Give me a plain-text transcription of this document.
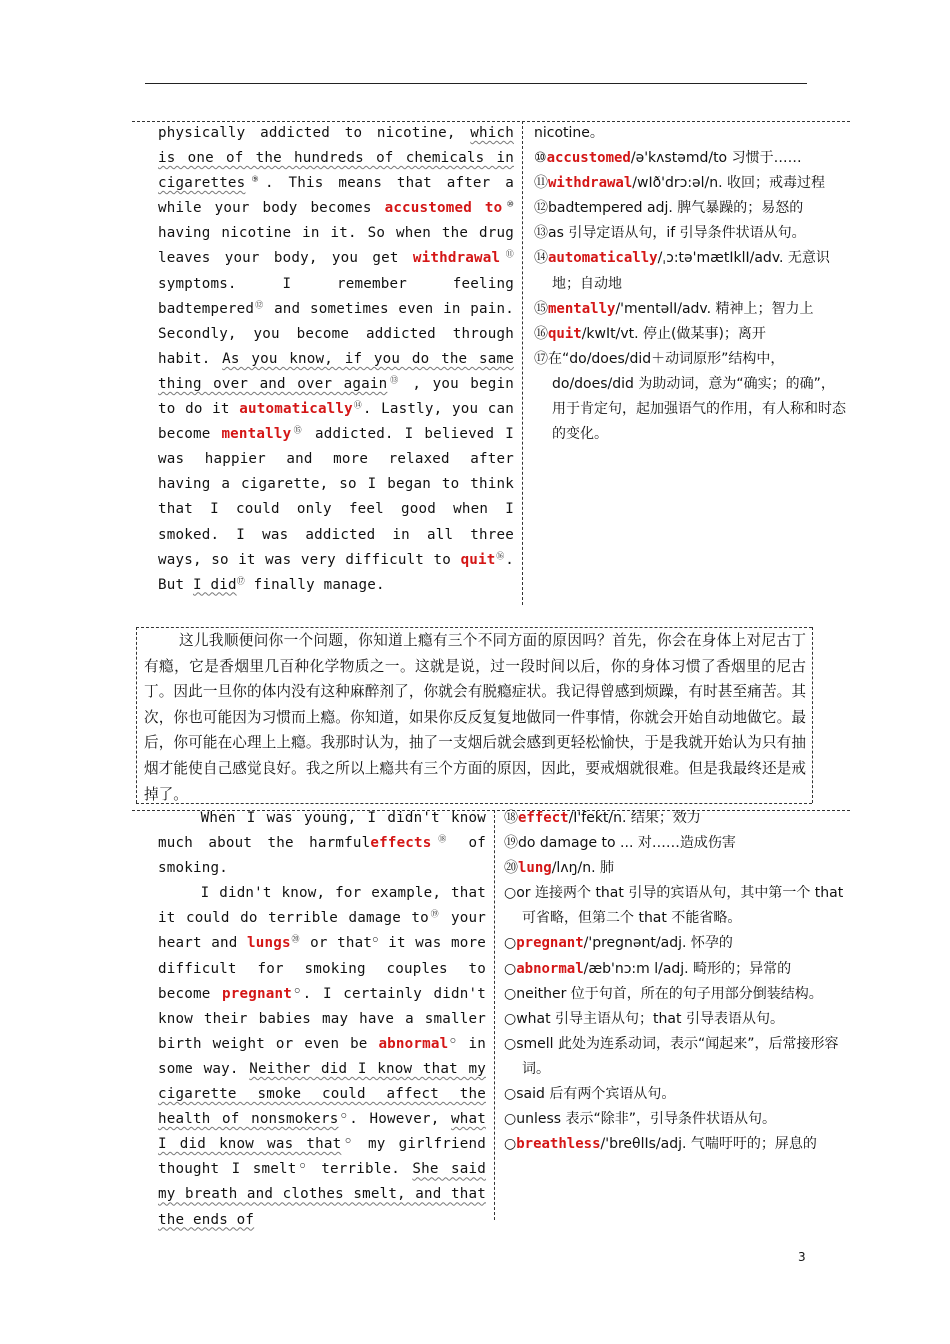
physically addicted to nicotine, which is one of the hundreds of chemicals in cigarettes⑨. This means that after a while your body becomes accustomed to⑩ having nicotine in it. So when the drug leaves your body, you get withdrawal⑪ symptoms. I remember feeling badtempered⑫ and sometimes even in pain. Secondly, you become addicted through habit. As you know, if you do the same thing over and over again⑬ , you begin to do it automatically⑭. Lastly, you can become mentally⑮ addicted. I believed I was happier and more relaxed after having a cigarette, so I began to think that I could only feel good when I smoked. I was addicted in all three ways, so it was very difficult to quit⑯. But I did⑰ finally manage.

nicotine。
⑩accustomed/ə'kʌstəmd/to 习惯于……
⑪withdrawal/wIð'drɔ:əl/n. 收回；戒毒过程
⑫badtempered adj. 脾气暴躁的；易怒的
⑬as 引导定语从句，if 引导条件状语从句。
⑭automatically/ˌɔ:tə'mætIklI/adv. 无意识地；自动地
⑮mentally/'mentəlI/adv. 精神上；智力上
⑯quit/kwIt/vt. 停止(做某事)；离开
⑰在“do/does/did＋动词原形”结构中，do/does/did 为助动词，意为“确实；的确”，用于肯定句，起加强语气的作用，有人称和时态的变化。
这儿我顺便问你一个问题，你知道上瘾有三个不同方面的原因吗？首先，你会在身体上对尼古丁有瘾，它是香烟里几百种化学物质之一。这就是说，过一段时间以后，你的身体习惯了香烟里的尼古丁。因此一旦你的体内没有这种麻醉剂了，你就会有脱瘾症状。我记得曾感到烦躁，有时甚至痛苦。其次，你也可能因为习惯而上瘾。你知道，如果你反反复复地做同一件事情，你就会开始自动地做它。最后，你可能在心理上上瘾。我那时认为，抽了一支烟后就会感到更轻松愉快，于是我就开始认为只有抽烟才能使自己感觉良好。我之所以上瘾共有三个方面的原因，因此，要戒烟就很难。但是我最终还是戒掉了。

When I was young, I didn't know much about the harmfuleffects⑱ of smoking.

I didn't know, for example, that it could do terrible damage to⑲ your heart and lungs⑳ or that○ it was more difficult for smoking couples to become pregnant○. I certainly didn't know their babies may have a smaller birth weight or even be abnormal○ in some way. Neither did I know that my cigarette smoke could affect the health of nonsmokers○. However, what I did know was that○ my girlfriend thought I smelt○ terrible. She said my breath and clothes smelt, and that the ends of

⑱effect/I'fekt/n. 结果；效力
⑲do damage to ... 对……造成伤害
⑳lung/lʌŋ/n. 肺
○or 连接两个 that 引导的宾语从句，其中第一个 that 可省略，但第二个 that 不能省略。
○pregnant/'pregnənt/adj. 怀孕的
○abnormal/æb'nɔ:m l/adj. 畸形的；异常的
○neither 位于句首，所在的句子用部分倒装结构。
○what 引导主语从句；that 引导表语从句。
○smell 此处为连系动词，表示“闻起来”，后常接形容词。
○said 后有两个宾语从句。
○unless 表示“除非”，引导条件状语从句。
○breathless/'breθlIs/adj. 气喘吁吁的；屏息的
3
